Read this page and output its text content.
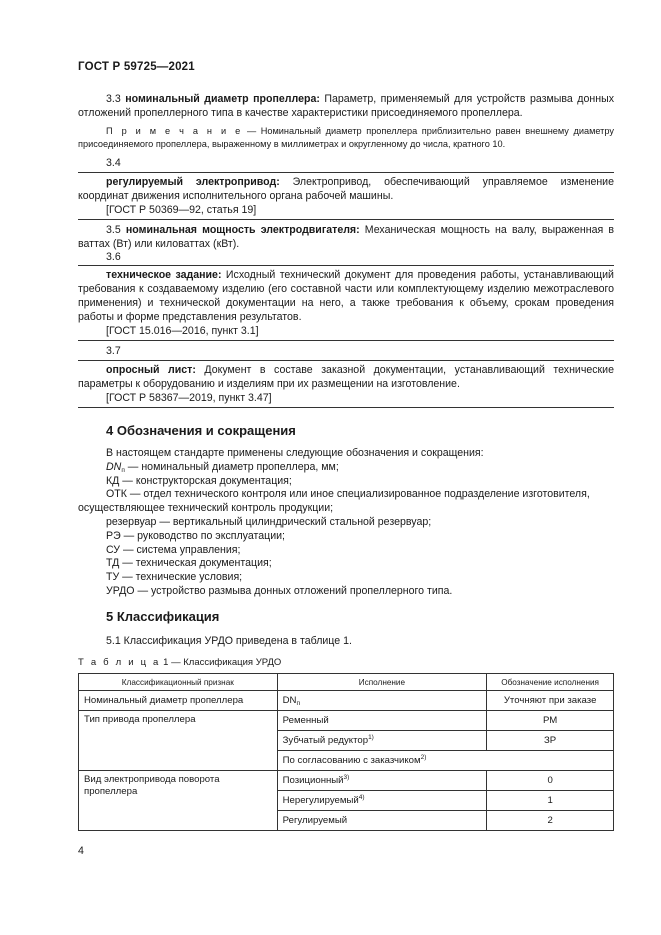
ГОСТ Р 59725—2021
3.3 номинальный диаметр пропеллера: Параметр, применяемый для устройств размыва донных отложений пропеллерного типа в качестве характеристики присоединяемого пропеллера.
П р и м е ч а н и е — Номинальный диаметр пропеллера приблизительно равен внешнему диаметру присоединяемого пропеллера, выраженному в миллиметрах и округленному до числа, кратного 10.
3.4

регулируемый электропривод: Электропривод, обеспечивающий управляемое изменение координат движения исполнительного органа рабочей машины.

[ГОСТ Р 50369—92, статья 19]

3.5 номинальная мощность электродвигателя: Механическая мощность на валу, выраженная в ваттах (Вт) или киловаттах (кВт).
3.6

техническое задание: Исходный технический документ для проведения работы, устанавливающий требования к создаваемому изделию (его составной части или комплектующему изделию межотраслевого применения) и технической документации на него, а также требования к объему, срокам проведения работы и форме представления результатов.

[ГОСТ 15.016—2016, пункт 3.1]

3.7

опросный лист: Документ в составе заказной документации, устанавливающий технические параметры к оборудованию и изделиям при их размещении на изготовление.

[ГОСТ Р 58367—2019, пункт 3.47]

4 Обозначения и сокращения
В настоящем стандарте применены следующие обозначения и сокращения:
$DN_п$ — номинальный диаметр пропеллера, мм;
КД — конструкторская документация;
ОТК — отдел технического контроля или иное специализированное подразделение изготовителя, осуществляющее технический контроль продукции;
резервуар — вертикальный цилиндрический стальной резервуар;
РЭ — руководство по эксплуатации;
СУ — система управления;
ТД — техническая документация;
ТУ — технические условия;
УРДО — устройство размыва донных отложений пропеллерного типа.
5 Классификация
5.1 Классификация УРДО приведена в таблице 1.
Т а б л и ц а 1 — Классификация УРДО
Классификационный признак	Исполнение	Обозначение исполнения
Номинальный диаметр пропеллера	$DN_п$	Уточняют при заказе
Тип привода пропеллера	Ременный	РМ
	Зубчатый редуктор$^{1)}$	ЗР
	По согласованию с заказчиком$^{2)}$
Вид электропривода поворота пропеллера	Позиционный$^{3)}$	0
	Нерегулируемый$^{4)}$	1
	Регулируемый	2
4
